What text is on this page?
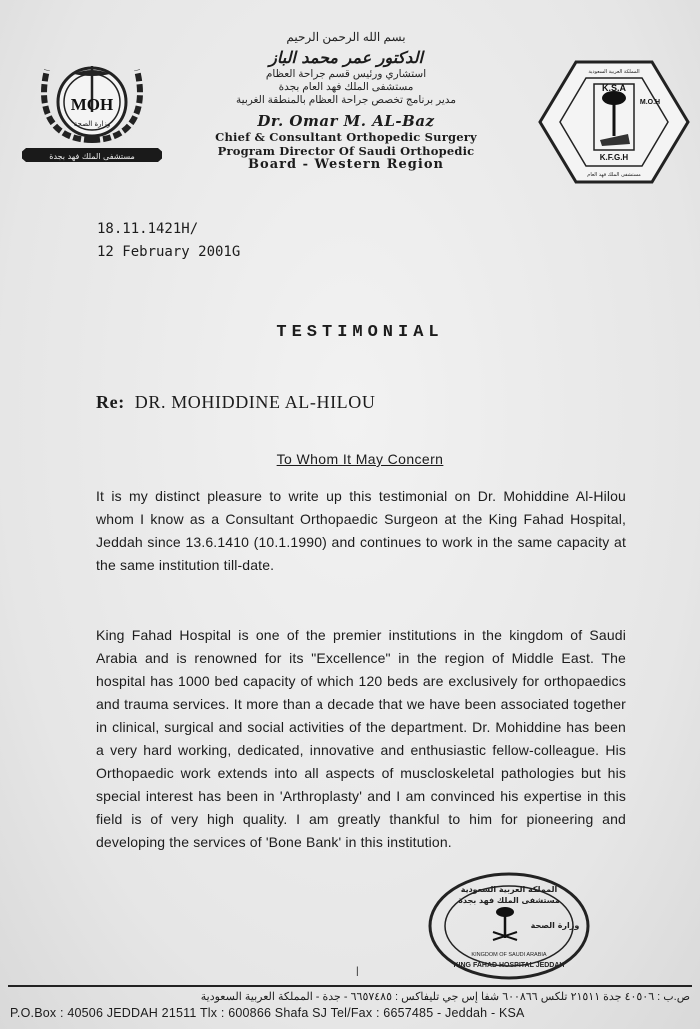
MOH
وزارة الصحة
مستشفى الملك فهد بجدة

بسم الله الرحمن الرحيم

الدكتور عمر محمد الباز

استشاري ورئيس قسم جراحة العظام

مستشفى الملك فهد العام بجدة

مدير برنامج تخصص جراحة العظام بالمنطقة الغربية

Dr. Omar M. AL-Baz

Chief & Consultant Orthopedic Surgery

Program Director Of Saudi Orthopedic

Board - Western Region

المملكة العربية السعودية
K.S.A
M.O.H
K.F.G.H
مستشفى الملك فهد العام
18.11.1421H/
12 February 2001G
TESTIMONIAL
Re: DR. MOHIDDINE AL-HILOU
To Whom It May Concern

It is my distinct pleasure to write up this testimonial on Dr. Mohiddine Al-Hilou whom I know as a Consultant Orthopaedic Surgeon at the King Fahad Hospital, Jeddah since 13.6.1410 (10.1.1990) and continues to work in the same capacity at the same institution till-date.

King Fahad Hospital is one of the premier institutions in the kingdom of Saudi Arabia and is renowned for its "Excellence" in the region of Middle East. The hospital has 1000 bed capacity of which 120 beds are exclusively for orthopaedics and trauma services. It more than a decade that we have been associated together in clinical, surgical and social activities of the department. Dr. Mohiddine has been a very hard working, dedicated, innovative and enthusiastic fellow-colleague. His Orthopaedic work extends into all aspects of muscloskeletal pathologies but his special interest has been in 'Arthroplasty' and I am convinced his expertise in this field is of very high quality. I am greatly thankful to him for pioneering and developing the services of 'Bone Bank' in this institution.

المملكة العربية السعودية
مستشفى الملك فهد بجدة
وزارة الصحة
KINGDOM OF SAUDI ARABIA
KING FAHAD HOSPITAL JEDDAH
|
ص.ب : ٤٠٥٠٦ جدة ٢١٥١١ تلكس ٦٠٠٨٦٦ شفا إس جي تليفاكس : ٦٦٥٧٤٨٥ - جدة - المملكة العربية السعودية
P.O.Box : 40506 JEDDAH 21511 Tlx : 600866 Shafa SJ Tel/Fax : 6657485 - Jeddah - KSA
